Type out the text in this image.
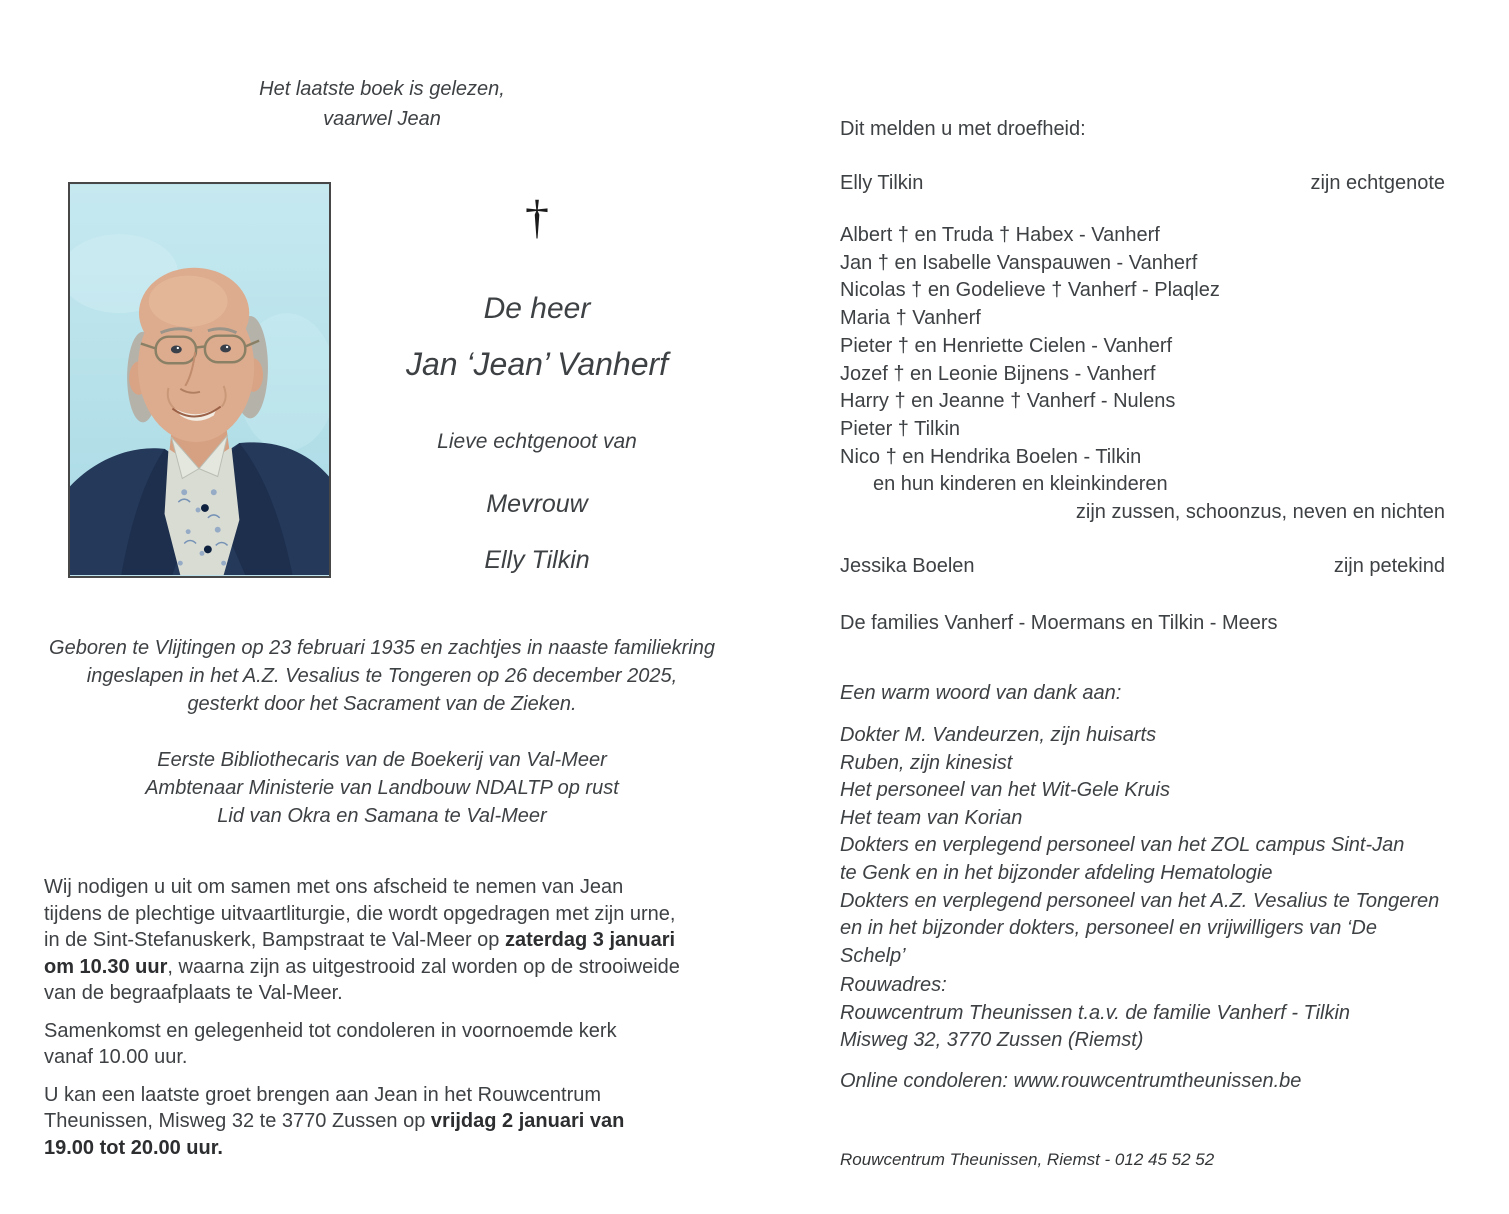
Het laatste boek is gelezen,
vaarwel Jean
†
De heer
Jan ‘Jean’ Vanherf
Lieve echtgenoot van
Mevrouw
Elly Tilkin
Geboren te Vlijtingen op 23 februari 1935 en zachtjes in naaste familiekring
ingeslapen in het A.Z. Vesalius te Tongeren op 26 december 2025,
gesterkt door het Sacrament van de Zieken.
Eerste Bibliothecaris van de Boekerij van Val-Meer
Ambtenaar Ministerie van Landbouw NDALTP op rust
Lid van Okra en Samana te Val-Meer
Wij nodigen u uit om samen met ons afscheid te nemen van Jean
tijdens de plechtige uitvaartliturgie, die wordt opgedragen met zijn urne,
in de Sint-Stefanuskerk, Bampstraat te Val-Meer op zaterdag 3 januari
om 10.30 uur, waarna zijn as uitgestrooid zal worden op de strooiweide
van de begraafplaats te Val-Meer.
Samenkomst en gelegenheid tot condoleren in voornoemde kerk
vanaf 10.00 uur.
U kan een laatste groet brengen aan Jean in het Rouwcentrum
Theunissen, Misweg 32 te 3770 Zussen op vrijdag 2 januari van
19.00 tot 20.00 uur.
Dit melden u met droefheid:
Elly Tilkin	zijn echtgenote
Albert † en Truda † Habex - Vanherf
Jan † en Isabelle Vanspauwen - Vanherf
Nicolas † en Godelieve † Vanherf - Plaqlez
Maria † Vanherf
Pieter † en Henriette Cielen - Vanherf
Jozef † en Leonie Bijnens - Vanherf
Harry † en Jeanne † Vanherf - Nulens
Pieter † Tilkin
Nico † en Hendrika Boelen - Tilkin
en hun kinderen en kleinkinderen
zijn zussen, schoonzus, neven en nichten
Jessika Boelen	zijn petekind
De families Vanherf - Moermans en Tilkin - Meers
Een warm woord van dank aan:
Dokter M. Vandeurzen, zijn huisarts
Ruben, zijn kinesist
Het personeel van het Wit-Gele Kruis
Het team van Korian
Dokters en verplegend personeel van het ZOL campus Sint-Jan
te Genk en in het bijzonder afdeling Hematologie
Dokters en verplegend personeel van het A.Z. Vesalius te Tongeren
en in het bijzonder dokters, personeel en vrijwilligers van ‘De Schelp’
Rouwadres:
Rouwcentrum Theunissen t.a.v. de familie Vanherf - Tilkin
Misweg 32, 3770 Zussen (Riemst)
Online condoleren: www.rouwcentrumtheunissen.be
Rouwcentrum Theunissen, Riemst - 012 45 52 52
